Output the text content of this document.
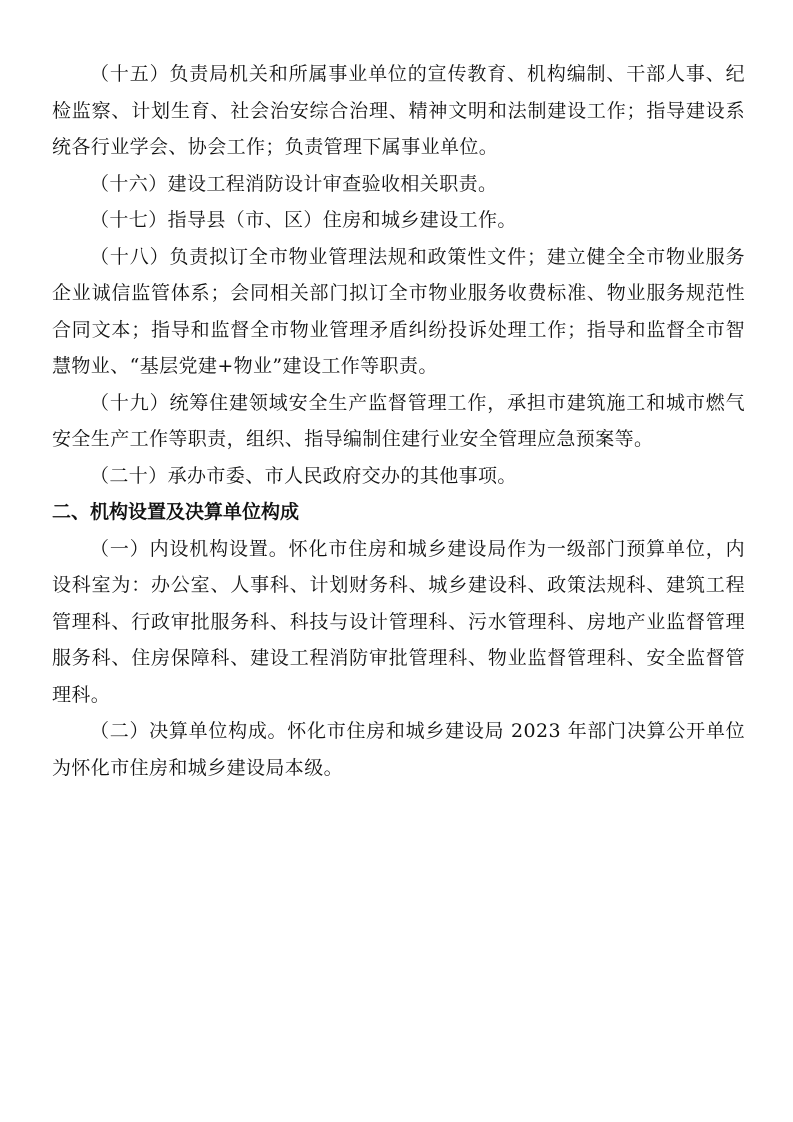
（十五）负责局机关和所属事业单位的宣传教育、机构编制、干部人事、纪检监察、计划生育、社会治安综合治理、精神文明和法制建设工作；指导建设系统各行业学会、协会工作；负责管理下属事业单位。

（十六）建设工程消防设计审查验收相关职责。

（十七）指导县（市、区）住房和城乡建设工作。

（十八）负责拟订全市物业管理法规和政策性文件；建立健全全市物业服务企业诚信监管体系；会同相关部门拟订全市物业服务收费标准、物业服务规范性合同文本；指导和监督全市物业管理矛盾纠纷投诉处理工作；指导和监督全市智慧物业、“基层党建+物业”建设工作等职责。

（十九）统筹住建领域安全生产监督管理工作，承担市建筑施工和城市燃气安全生产工作等职责，组织、指导编制住建行业安全管理应急预案等。

（二十）承办市委、市人民政府交办的其他事项。

二、机构设置及决算单位构成

（一）内设机构设置。怀化市住房和城乡建设局作为一级部门预算单位，内设科室为：办公室、人事科、计划财务科、城乡建设科、政策法规科、建筑工程管理科、行政审批服务科、科技与设计管理科、污水管理科、房地产业监督管理服务科、住房保障科、建设工程消防审批管理科、物业监督管理科、安全监督管理科。

（二）决算单位构成。怀化市住房和城乡建设局 2023 年部门决算公开单位为怀化市住房和城乡建设局本级。
